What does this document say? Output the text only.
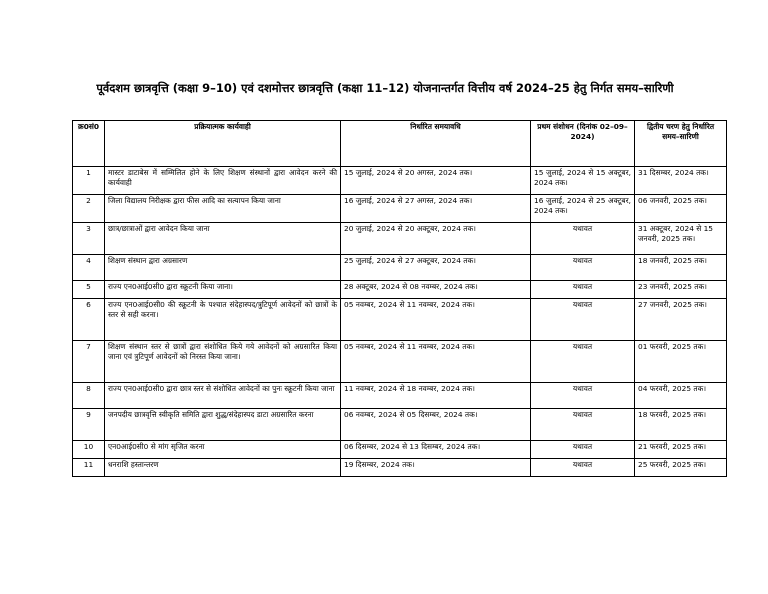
पूर्वदशम छात्रवृत्ति (कक्षा 9–10) एवं दशमोत्तर छात्रवृत्ति (कक्षा 11–12) योजनान्तर्गत वित्तीय वर्ष 2024–25 हेतु निर्गत समय–सारिणी
क्र0सं0	प्रक्रियात्मक कार्यवाही	निर्धारित समयावधि	प्रथम संशोधन (दिनांक 02–09–2024)	द्वितीय चरण हेतु निर्धारित समय–सारिणी
1	मास्टर डाटाबेस में सम्मिलित होने के लिए शिक्षण संस्थानों द्वारा आवेदन करने की कार्यवाही	15 जुलाई, 2024 से 20 अगस्त, 2024 तक।	15 जुलाई, 2024 से 15 अक्टूबर, 2024 तक।	31 दिसम्बर, 2024 तक।
2	जिला विद्यालय निरीक्षक द्वारा फीस आदि का सत्यापन किया जाना	16 जुलाई, 2024 से 27 अगस्त, 2024 तक।	16 जुलाई, 2024 से 25 अक्टूबर, 2024 तक।	06 जनवरी, 2025 तक।
3	छात्र/छात्राओं द्वारा आवेदन किया जाना	20 जुलाई, 2024 से 20 अक्टूबर, 2024 तक।	यथावत	31 अक्टूबर, 2024 से 15 जनवरी, 2025 तक।
4	शिक्षण संस्थान द्वारा अग्रसारण	25 जुलाई, 2024 से 27 अक्टूबर, 2024 तक।	यथावत	18 जनवरी, 2025 तक।
5	राज्य एन0आई0सी0 द्वारा स्क्रूटनी किया जाना।	28 अक्टूबर, 2024 से 08 नवम्बर, 2024 तक।	यथावत	23 जनवरी, 2025 तक।
6	राज्य एन0आई0सी0 की स्क्रूटनी के पश्चात संदेहास्पद/त्रुटिपूर्ण आवेदनों को छात्रों के स्तर से सही करना।	05 नवम्बर, 2024 से 11 नवम्बर, 2024 तक।	यथावत	27 जनवरी, 2025 तक।
7	शिक्षण संस्थान स्तर से छात्रों द्वारा संशोधित किये गये आवेदनों को अग्रसारित किया जाना एवं त्रुटिपूर्ण आवेदनों को निरस्त किया जाना।	05 नवम्बर, 2024 से 11 नवम्बर, 2024 तक।	यथावत	01 फरवरी, 2025 तक।
8	राज्य एन0आई0सी0 द्वारा छात्र स्तर से संशोधित आवेदनों का पुनः स्क्रूटनी किया जाना	11 नवम्बर, 2024 से 18 नवम्बर, 2024 तक।	यथावत	04 फरवरी, 2025 तक।
9	जनपदीय छात्रवृत्ति स्वीकृति समिति द्वारा शुद्ध/संदेहास्पद डाटा अग्रसारित करना	06 नवम्बर, 2024 से 05 दिसम्बर, 2024 तक।	यथावत	18 फरवरी, 2025 तक।
10	एन0आई0सी0 से मांग सृजित करना	06 दिसम्बर, 2024 से 13 दिसम्बर, 2024 तक।	यथावत	21 फरवरी, 2025 तक।
11	धनराशि हस्तान्तरण	19 दिसम्बर, 2024 तक।	यथावत	25 फरवरी, 2025 तक।
